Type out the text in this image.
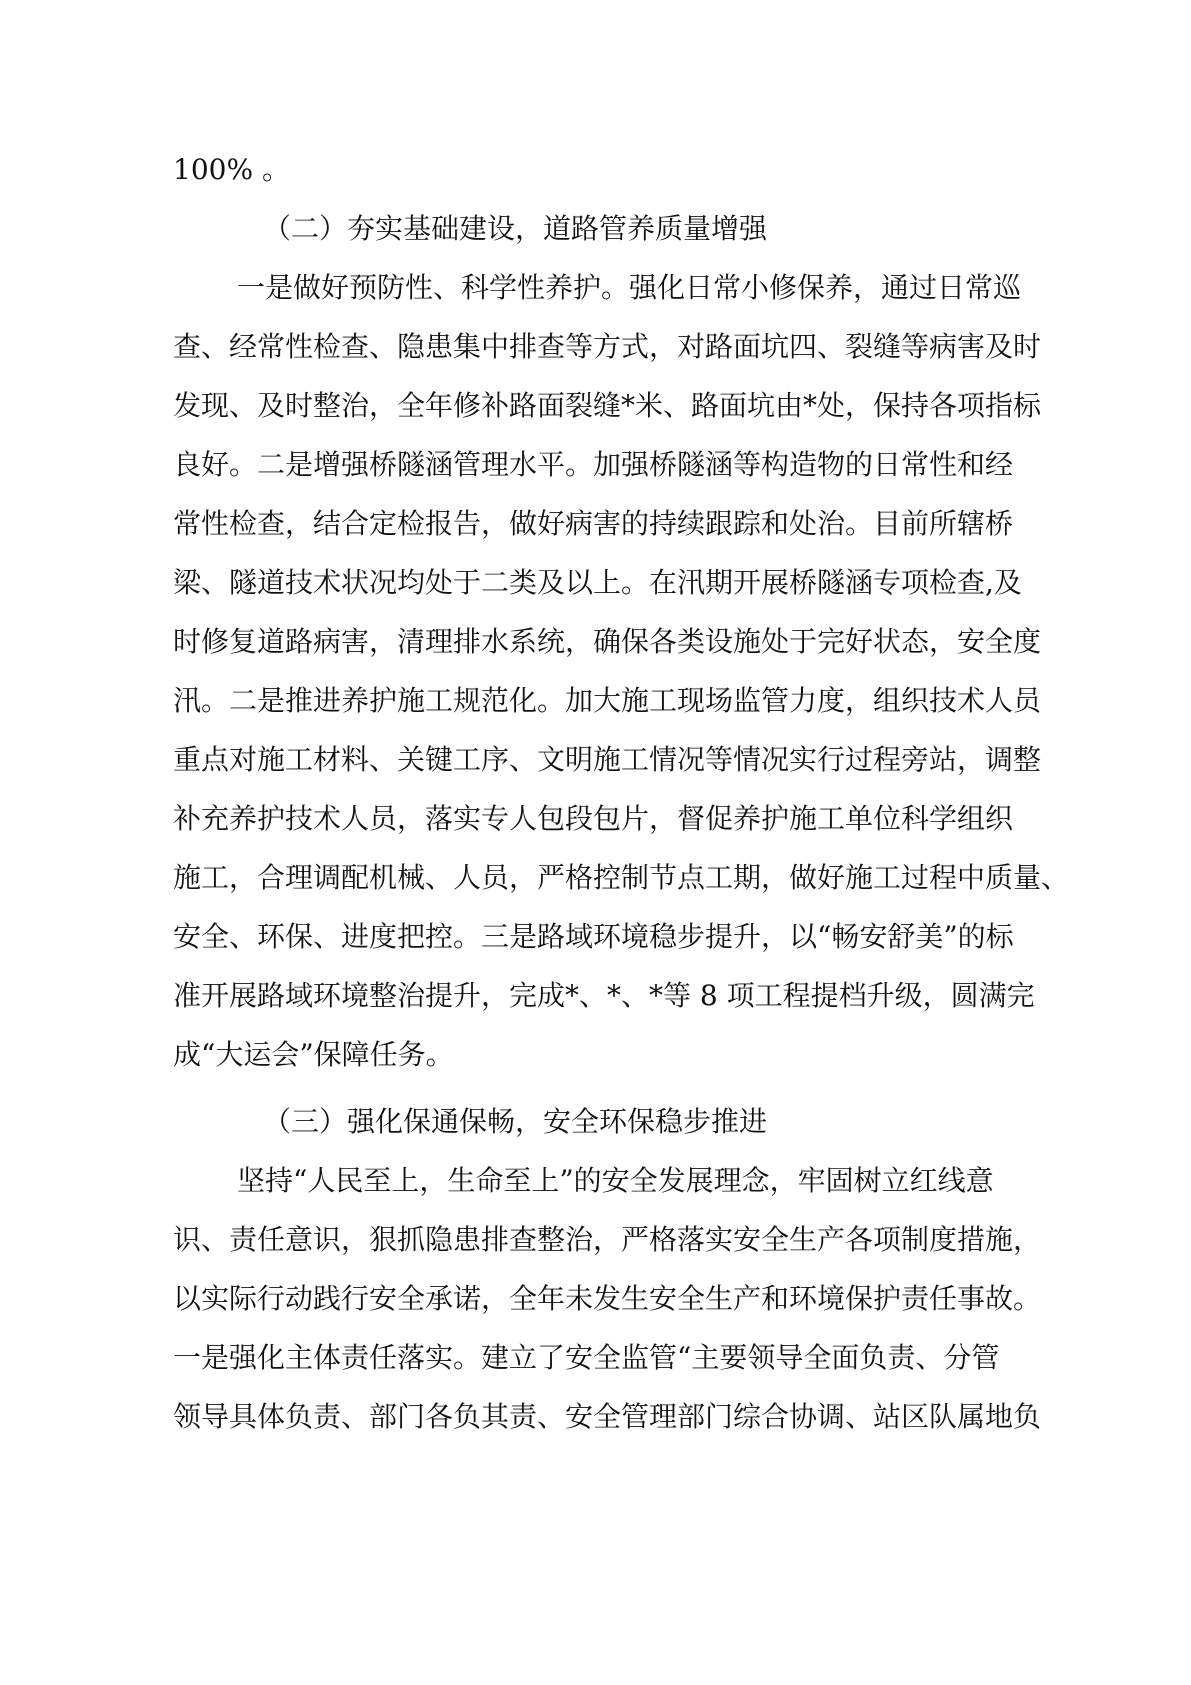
100% 。
（二）夯实基础建设，道路管养质量增强
一是做好预防性、科学性养护。强化日常小修保养，通过日常巡
查、经常性检查、隐患集中排查等方式，对路面坑四、裂缝等病害及时
发现、及时整治，全年修补路面裂缝*米、路面坑由*处，保持各项指标
良好。二是增强桥隧涵管理水平。加强桥隧涵等构造物的日常性和经
常性检查，结合定检报告，做好病害的持续跟踪和处治。目前所辖桥
梁、隧道技术状况均处于二类及以上。在汛期开展桥隧涵专项检查,及
时修复道路病害，清理排水系统，确保各类设施处于完好状态，安全度
汛。二是推进养护施工规范化。加大施工现场监管力度，组织技术人员
重点对施工材料、关键工序、文明施工情况等情况实行过程旁站，调整
补充养护技术人员，落实专人包段包片，督促养护施工单位科学组织
施工，合理调配机械、人员，严格控制节点工期，做好施工过程中质量、
安全、环保、进度把控。三是路域环境稳步提升，以“畅安舒美”的标
准开展路域环境整治提升，完成*、*、*等 8 项工程提档升级，圆满完
成“大运会”保障任务。
（三）强化保通保畅，安全环保稳步推进
坚持“人民至上，生命至上”的安全发展理念，牢固树立红线意
识、责任意识，狠抓隐患排查整治，严格落实安全生产各项制度措施，
以实际行动践行安全承诺，全年未发生安全生产和环境保护责任事故。
一是强化主体责任落实。建立了安全监管“主要领导全面负责、分管
领导具体负责、部门各负其责、安全管理部门综合协调、站区队属地负
